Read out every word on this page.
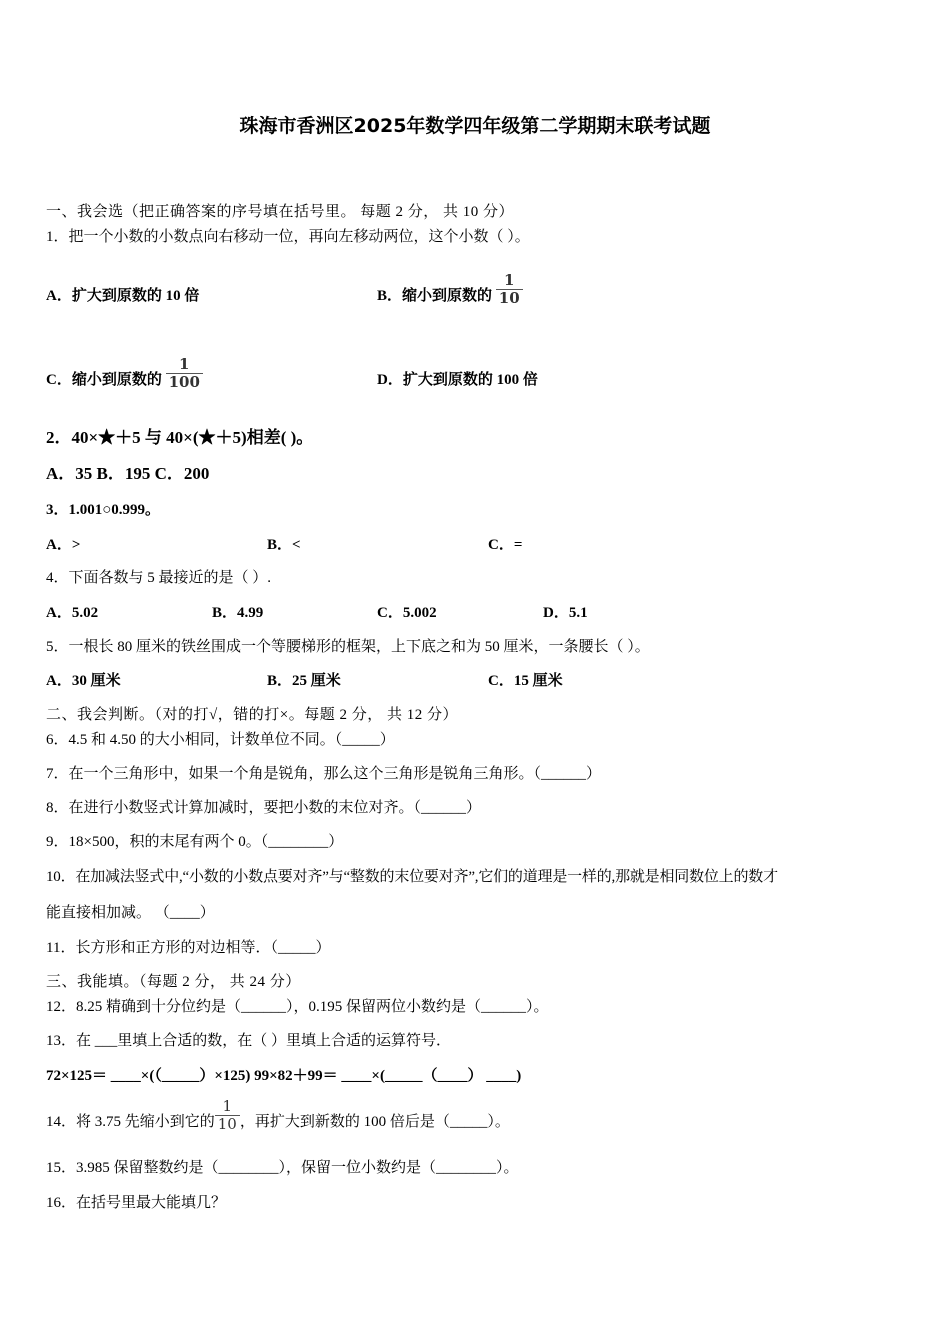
珠海市香洲区2025年数学四年级第二学期期末联考试题
一、我会选（把正确答案的序号填在括号里。 每题 2 分， 共 10 分）
1．把一个小数的小数点向右移动一位，再向左移动两位，这个小数（ ）。
A．扩大到原数的 10 倍	B．缩小到原数的 $\frac{1}{10}$
C．缩小到原数的 $\frac{1}{100}$	D．扩大到原数的 100 倍
2．40×★＋5 与 40×(★＋5)相差( )。
A．35 B．195 C．200
3．1.001○0.999。
A．>	B．<	C．=
4．下面各数与 5 最接近的是（ ）.
A．5.02	B．4.99	C．5.002	D．5.1
5．一根长 80 厘米的铁丝围成一个等腰梯形的框架，上下底之和为 50 厘米，一条腰长（ ）。
A．30 厘米	B．25 厘米	C．15 厘米
二、我会判断。（对的打√，错的打×。每题 2 分， 共 12 分）
6．4.5 和 4.50 的大小相同，计数单位不同。（_____）
7．在一个三角形中，如果一个角是锐角，那么这个三角形是锐角三角形。（______）
8．在进行小数竖式计算加减时，要把小数的末位对齐。（______）
9．18×500，积的末尾有两个 0。（________）
10．在加减法竖式中,“小数的小数点要对齐”与“整数的末位要对齐”,它们的道理是一样的,那就是相同数位上的数才
能直接相加减。 （____）
11．长方形和正方形的对边相等．（_____）
三、我能填。（每题 2 分， 共 24 分）
12．8.25 精确到十分位约是（______），0.195 保留两位小数约是（______）。
13．在 ___里填上合适的数，在（ ）里填上合适的运算符号．
72×125＝ ____×(（_____）×125) 99×82＋99＝ ____×(_____（____） ____)
14．将 3.75 先缩小到它的 $\frac{1}{10}$ ，再扩大到新数的 100 倍后是（_____）。
15．3.985 保留整数约是（________），保留一位小数约是（________）。
16．在括号里最大能填几？
